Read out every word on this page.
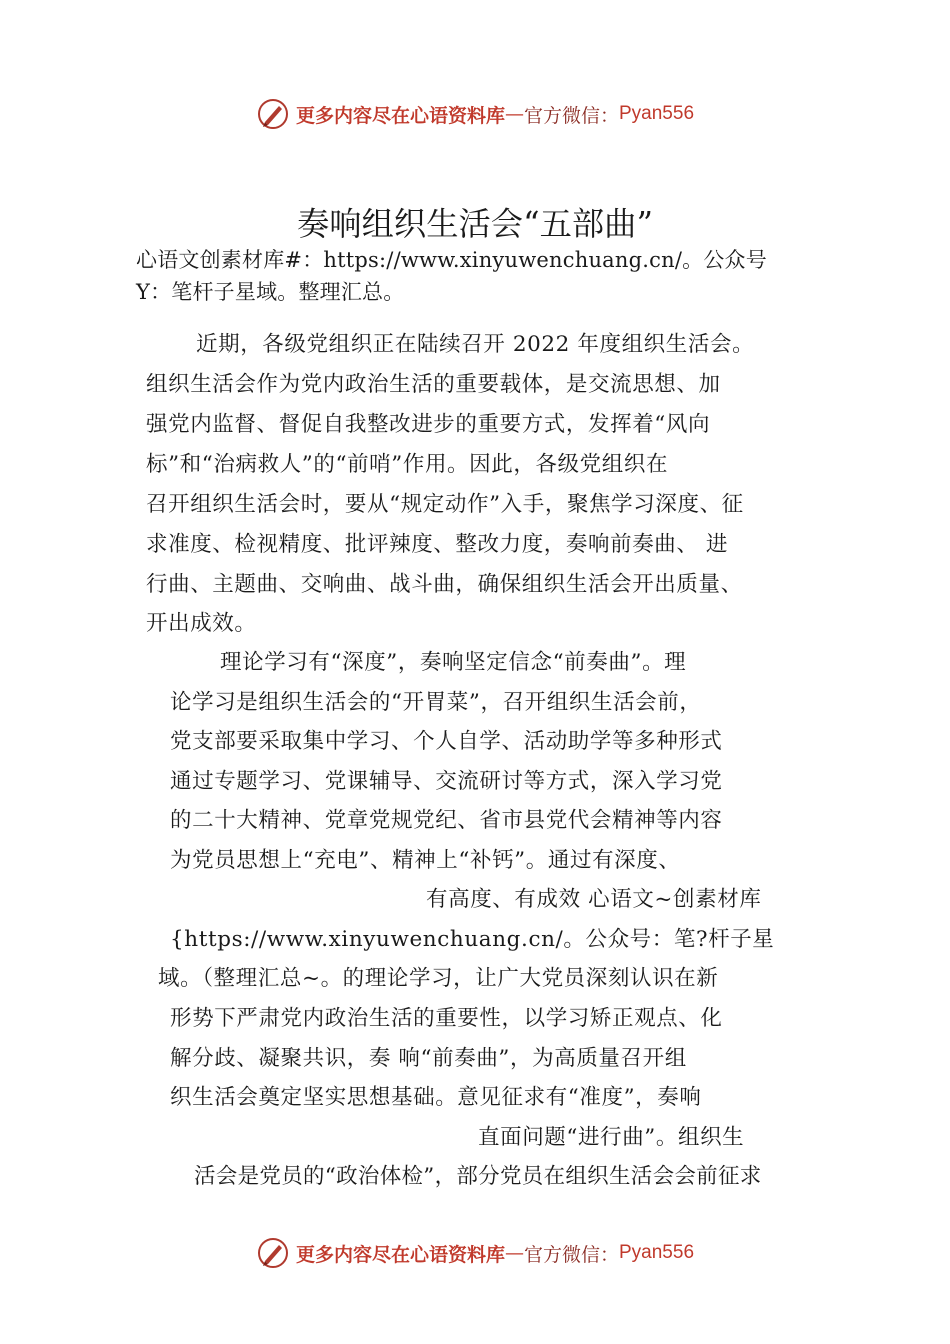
更多内容尽在心语资料库 — 官方微信： Pyan556
奏响组织生活会“五部曲”
心语文创素材库#：https://www.xinyuwenchuang.cn/。公众号
Y：笔杆子星域。整理汇总。
近期，各级党组织正在陆续召开 2022 年度组织生活会。
组织生活会作为党内政治生活的重要载体，是交流思想、加
强党内监督、督促自我整改进步的重要方式，发挥着“风向
标”和“治病救人”的“前哨”作用。因此，各级党组织在
召开组织生活会时，要从“规定动作”入手，聚焦学习深度、征
求准度、检视精度、批评辣度、整改力度，奏响前奏曲、 进
行曲、主题曲、交响曲、战斗曲，确保组织生活会开出质量、
开出成效。
理论学习有“深度”，奏响坚定信念“前奏曲”。理
论学习是组织生活会的“开胃菜”，召开组织生活会前，
党支部要采取集中学习、个人自学、活动助学等多种形式
通过专题学习、党课辅导、交流研讨等方式，深入学习党
的二十大精神、党章党规党纪、省市县党代会精神等内容
为党员思想上“充电”、精神上“补钙”。通过有深度、
有高度、有成效 心语文~创素材库
{https://www.xinyuwenchuang.cn/。公众号：笔?杆子星
域。（整理汇总~。的理论学习，让广大党员深刻认识在新
形势下严肃党内政治生活的重要性，以学习矫正观点、化
解分歧、凝聚共识，奏 响“前奏曲”，为高质量召开组
织生活会奠定坚实思想基础。意见征求有“准度”，奏响
直面问题“进行曲”。组织生
活会是党员的“政治体检”，部分党员在组织生活会会前征求
更多内容尽在心语资料库 — 官方微信： Pyan556
